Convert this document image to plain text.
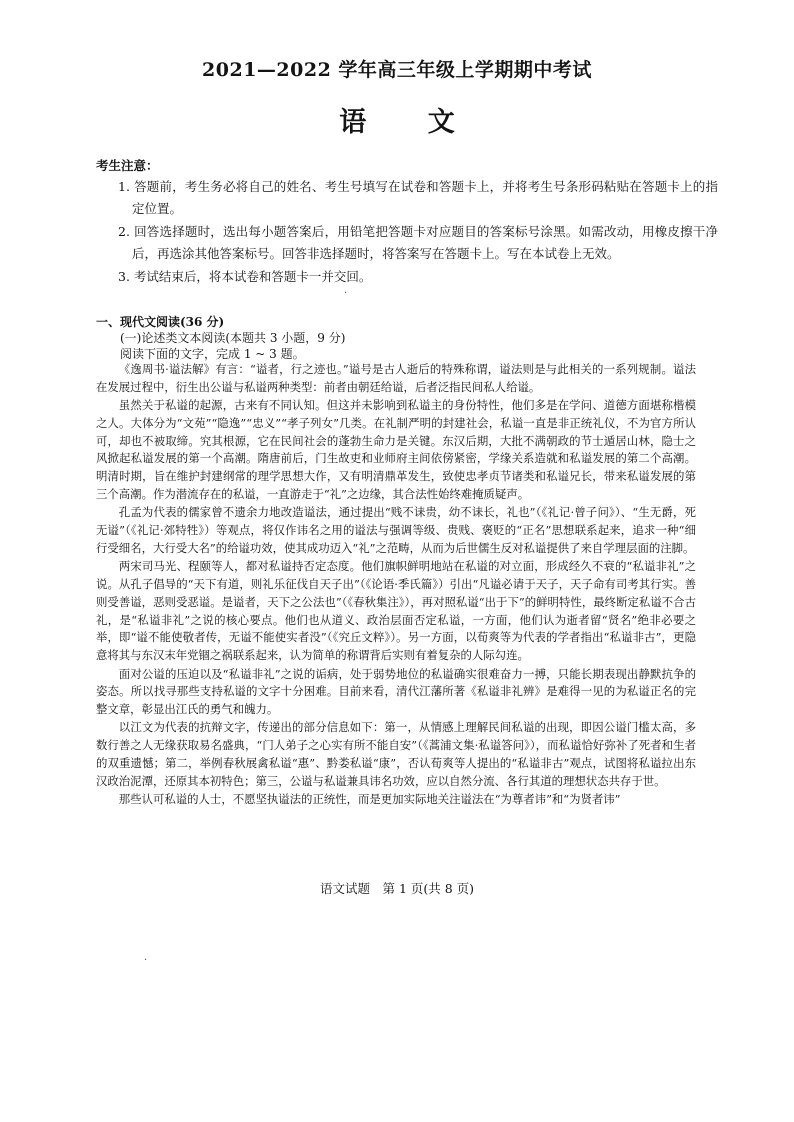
2021—2022 学年高三年级上学期期中考试
语 文
考生注意：

1. 答题前，考生务必将自己的姓名、考生号填写在试卷和答题卡上，并将考生号条形码粘贴在答题卡上的指定位置。

2. 回答选择题时，选出每小题答案后，用铅笔把答题卡对应题目的答案标号涂黑。如需改动，用橡皮擦干净后，再选涂其他答案标号。回答非选择题时，将答案写在答题卡上。写在本试卷上无效。

3. 考试结束后，将本试卷和答题卡一并交回。

·
一、现代文阅读(36 分)
(一)论述类文本阅读(本题共 3 小题，9 分)
阅读下面的文字，完成 1 ~ 3 题。

《逸周书·谥法解》有言：“谥者，行之迹也。”谥号是古人逝后的特殊称谓，谥法则是与此相关的一系列规制。谥法在发展过程中，衍生出公谥与私谥两种类型：前者由朝廷给谥，后者泛指民间私人给谥。

虽然关于私谥的起源，古来有不同认知。但这并未影响到私谥主的身份特性，他们多是在学问、道德方面堪称楷模之人。大体分为“文苑”“隐逸”“忠义”“孝子列女”几类。在礼制严明的封建社会，私谥一直是非正统礼仪，不为官方所认可，却也不被取缔。究其根源，它在民间社会的蓬勃生命力是关键。东汉后期，大批不满朝政的节士遁居山林，隐士之风掀起私谥发展的第一个高潮。隋唐前后，门生故吏和业师府主间依傍紧密，学缘关系造就和私谥发展的第二个高潮。明清时期，旨在维护封建纲常的理学思想大作，又有明清鼎革发生，致使忠孝贞节诸类和私谥兄长，带来私谥发展的第三个高潮。作为潜流存在的私谥，一直游走于“礼”之边缘，其合法性始终难掩质疑声。

孔孟为代表的儒家曾不遗余力地改造谥法，通过提出“贱不诔贵，幼不诔长，礼也”（《礼记·曾子问》）、“生无爵，死无谥”（《礼记·郊特牲》）等观点，将仅作讳名之用的谥法与强调等级、贵贱、褒贬的“正名”思想联系起来，追求一种“细行受细名，大行受大名”的给谥功效，使其成功迈入“礼”之范畴，从而为后世儒生反对私谥提供了来自学理层面的注脚。

两宋司马光、程颐等人，都对私谥持否定态度。他们旗帜鲜明地站在私谥的对立面，形成经久不衰的“私谥非礼”之说。从孔子倡导的“天下有道，则礼乐征伐自天子出”（《论语·季氏篇》）引出“凡谥必请于天子，天子命有司考其行实。善则受善谥，恶则受恶谥。是谥者，天下之公法也”（《春秋集注》），再对照私谥“出于下”的鲜明特性，最终断定私谥不合古礼，是“私谥非礼”之说的核心要点。他们也从道义、政治层面否定私谥，一方面，他们认为逝者留“贤名”绝非必要之举，即“谥不能使敬者传，无谥不能使实者没”（《究丘文粹》）。另一方面，以荀爽等为代表的学者指出“私谥非古”，更隐意将其与东汉末年党锢之祸联系起来，认为简单的称谓背后实则有着复杂的人际勾连。

面对公谥的压迫以及“私谥非礼”之说的诟病，处于弱势地位的私谥确实很难奋力一搏，只能长期表现出静默抗争的姿态。所以找寻那些支持私谥的文字十分困难。目前来看，清代江藩所著《私谥非礼辨》是难得一见的为私谥正名的完整文章，彰显出江氏的勇气和魄力。

以江文为代表的抗辩文字，传递出的部分信息如下：第一，从情感上理解民间私谥的出现，即因公谥门槛太高，多数行善之人无缘获取易名盛典，“门人弟子之心实有所不能自安”（《蒿浦文集·私谥答问》），而私谥恰好弥补了死者和生者的双重遗憾；第二，举例春秋展禽私谥“惠”、黔娄私谥“康”，否认荀爽等人提出的“私谥非古”观点，试图将私谥拉出东汉政治泥潭，还原其本初特色；第三，公谥与私谥兼具讳名功效，应以自然分流、各行其道的理想状态共存于世。

那些认可私谥的人士，不愿坚执谥法的正统性，而是更加实际地关注谥法在“为尊者讳”和“为贤者讳”

语文试题　第 1 页(共 8 页)
·
